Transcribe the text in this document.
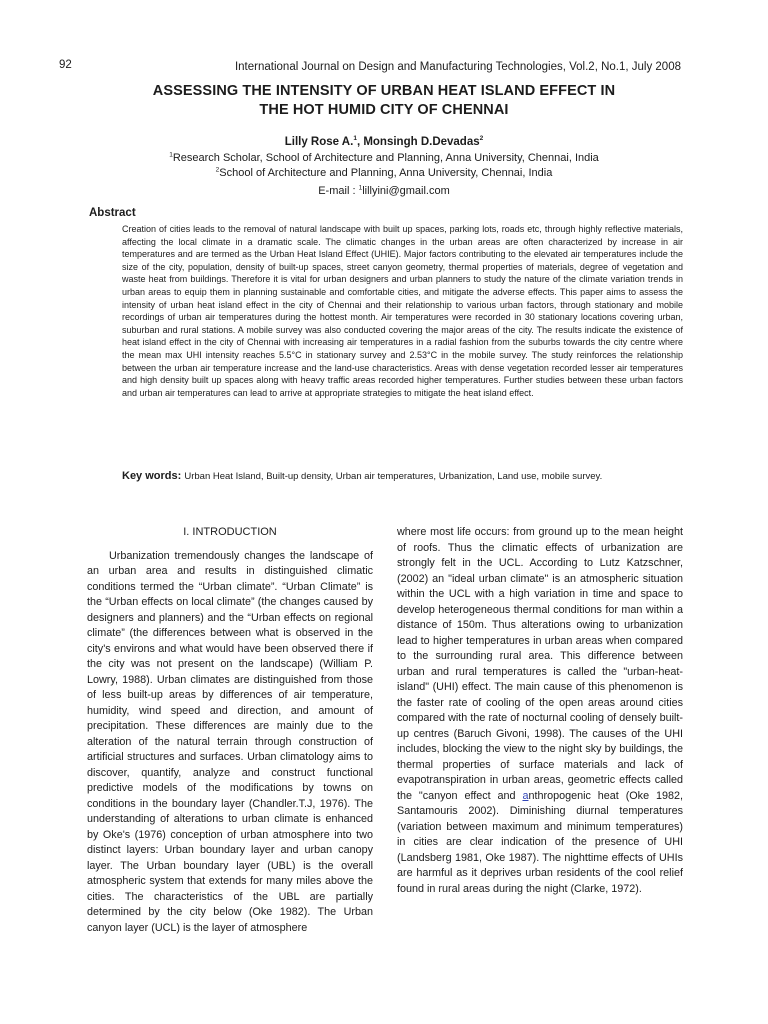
92	International Journal on Design and Manufacturing Technologies, Vol.2, No.1, July 2008
ASSESSING THE INTENSITY OF URBAN HEAT ISLAND EFFECT IN
THE HOT HUMID CITY OF CHENNAI
Lilly Rose A.$^1$, Monsingh D.Devadas$^2$
$^1$Research Scholar, School of Architecture and Planning, Anna University, Chennai, India
$^2$School of Architecture and Planning, Anna University, Chennai, India
E-mail : $^1$lillyini@gmail.com
Abstract
Creation of cities leads to the removal of natural landscape with built up spaces, parking lots, roads etc, through highly reflective materials, affecting the local climate in a dramatic scale. The climatic changes in the urban areas are often characterized by increase in air temperatures and are termed as the Urban Heat Island Effect (UHIE). Major factors contributing to the elevated air temperatures include the size of the city, population, density of built-up spaces, street canyon geometry, thermal properties of materials, degree of vegetation and waste heat from buildings. Therefore it is vital for urban designers and urban planners to study the nature of the climate variation trends in urban areas to equip them in planning sustainable and comfortable cities, and mitigate the adverse effects. This paper aims to assess the intensity of urban heat island effect in the city of Chennai and their relationship to various urban factors, through stationary and mobile recordings of urban air temperatures during the hottest month. Air temperatures were recorded in 30 stationary locations covering urban, suburban and rural stations. A mobile survey was also conducted covering the major areas of the city. The results indicate the existence of heat island effect in the city of Chennai with increasing air temperatures in a radial fashion from the suburbs towards the city centre where the mean max UHI intensity reaches 5.5°C in stationary survey and 2.53°C in the mobile survey. The study reinforces the relationship between the urban air temperature increase and the land-use characteristics. Areas with dense vegetation recorded lesser air temperatures and high density built up spaces along with heavy traffic areas recorded higher temperatures. Further studies between these urban factors and urban air temperatures can lead to arrive at appropriate strategies to mitigate the heat island effect.
Key words: Urban Heat Island, Built-up density, Urban air temperatures, Urbanization, Land use, mobile survey.
I. INTRODUCTION

Urbanization tremendously changes the landscape of an urban area and results in distinguished climatic conditions termed the “Urban climate”. “Urban Climate” is the “Urban effects on local climate” (the changes caused by designers and planners) and the “Urban effects on regional climate” (the differences between what is observed in the city's environs and what would have been observed there if the city was not present on the landscape) (William P. Lowry, 1988). Urban climates are distinguished from those of less built-up areas by differences of air temperature, humidity, wind speed and direction, and amount of precipitation. These differences are mainly due to the alteration of the natural terrain through construction of artificial structures and surfaces. Urban climatology aims to discover, quantify, analyze and construct functional predictive models of the modifications by towns on conditions in the boundary layer (Chandler.T.J, 1976). The understanding of alterations to urban climate is enhanced by Oke's (1976) conception of urban atmosphere into two distinct layers: Urban boundary layer and urban canopy layer. The Urban boundary layer (UBL) is the overall atmospheric system that extends for many miles above the cities. The characteristics of the UBL are partially determined by the city below (Oke 1982). The Urban canyon layer (UCL) is the layer of atmosphere

where most life occurs: from ground up to the mean height of roofs. Thus the climatic effects of urbanization are strongly felt in the UCL. According to Lutz Katzschner, (2002) an "ideal urban climate" is an atmospheric situation within the UCL with a high variation in time and space to develop heterogeneous thermal conditions for man within a distance of 150m. Thus alterations owing to urbanization lead to higher temperatures in urban areas when compared to the surrounding rural area. This difference between urban and rural temperatures is called the "urban-heat-island" (UHI) effect. The main cause of this phenomenon is the faster rate of cooling of the open areas around cities compared with the rate of nocturnal cooling of densely built-up centres (Baruch Givoni, 1998). The causes of the UHI includes, blocking the view to the night sky by buildings, the thermal properties of surface materials and lack of evapotranspiration in urban areas, geometric effects called the "canyon effect and anthropogenic heat (Oke 1982, Santamouris 2002). Diminishing diurnal temperatures (variation between maximum and minimum temperatures) in cities are clear indication of the presence of UHI (Landsberg 1981, Oke 1987). The nighttime effects of UHIs are harmful as it deprives urban residents of the cool relief found in rural areas during the night (Clarke, 1972).
